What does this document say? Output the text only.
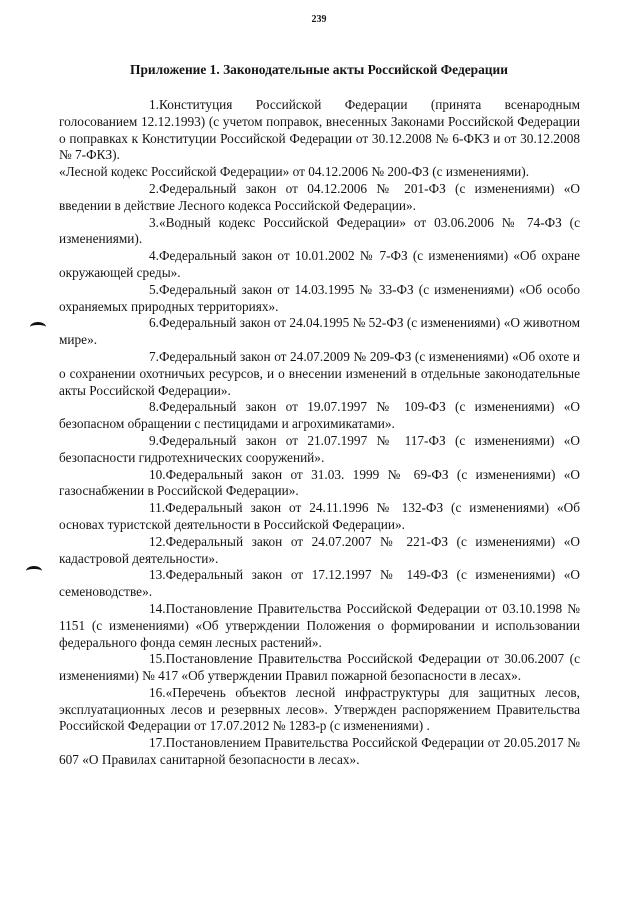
239
Приложение 1. Законодательные акты Российской Федерации

1.Конституция Российской Федерации (принята всенародным голосованием 12.12.1993) (с учетом поправок, внесенных Законами Российской Федерации о поправках к Конституции Российской Федерации от 30.12.2008 № 6-ФКЗ и от 30.12.2008 № 7-ФКЗ).

«Лесной кодекс Российской Федерации» от 04.12.2006 № 200-ФЗ (с изменениями).

2.Федеральный закон от 04.12.2006 № 201-ФЗ (с изменениями) «О введении в действие Лесного кодекса Российской Федерации».

3.«Водный кодекс Российской Федерации» от 03.06.2006 № 74-ФЗ (с изменениями).

4.Федеральный закон от 10.01.2002 № 7-ФЗ (с изменениями) «Об охране окружающей среды».

5.Федеральный закон от 14.03.1995 № 33-ФЗ (с изменениями) «Об особо охраняемых природных территориях».

6.Федеральный закон от 24.04.1995 № 52-ФЗ (с изменениями) «О животном мире».

7.Федеральный закон от 24.07.2009 № 209-ФЗ (с изменениями) «Об охоте и о сохранении охотничьих ресурсов, и о внесении изменений в отдельные законодательные акты Российской Федерации».

8.Федеральный закон от 19.07.1997 № 109-ФЗ (с изменениями) «О безопасном обращении с пестицидами и агрохимикатами».

9.Федеральный закон от 21.07.1997 № 117-ФЗ (с изменениями) «О безопасности гидротехнических сооружений».

10.Федеральный закон от 31.03. 1999 № 69-ФЗ (с изменениями) «О газоснабжении в Российской Федерации».

11.Федеральный закон от 24.11.1996 № 132-ФЗ (с изменениями) «Об основах туристской деятельности в Российской Федерации».

12.Федеральный закон от 24.07.2007 № 221-ФЗ (с изменениями) «О кадастровой деятельности».

13.Федеральный закон от 17.12.1997 № 149-ФЗ (с изменениями) «О семеноводстве».

14.Постановление Правительства Российской Федерации от 03.10.1998 № 1151 (с изменениями) «Об утверждении Положения о формировании и использовании федерального фонда семян лесных растений».

15.Постановление Правительства Российской Федерации от 30.06.2007 (с изменениями) № 417 «Об утверждении Правил пожарной безопасности в лесах».

16.«Перечень объектов лесной инфраструктуры для защитных лесов, эксплуатационных лесов и резервных лесов». Утвержден распоряжением Правительства Российской Федерации от 17.07.2012 № 1283-р (с изменениями) .

17.Постановлением Правительства Российской Федерации от 20.05.2017 № 607 «О Правилах санитарной безопасности в лесах».
